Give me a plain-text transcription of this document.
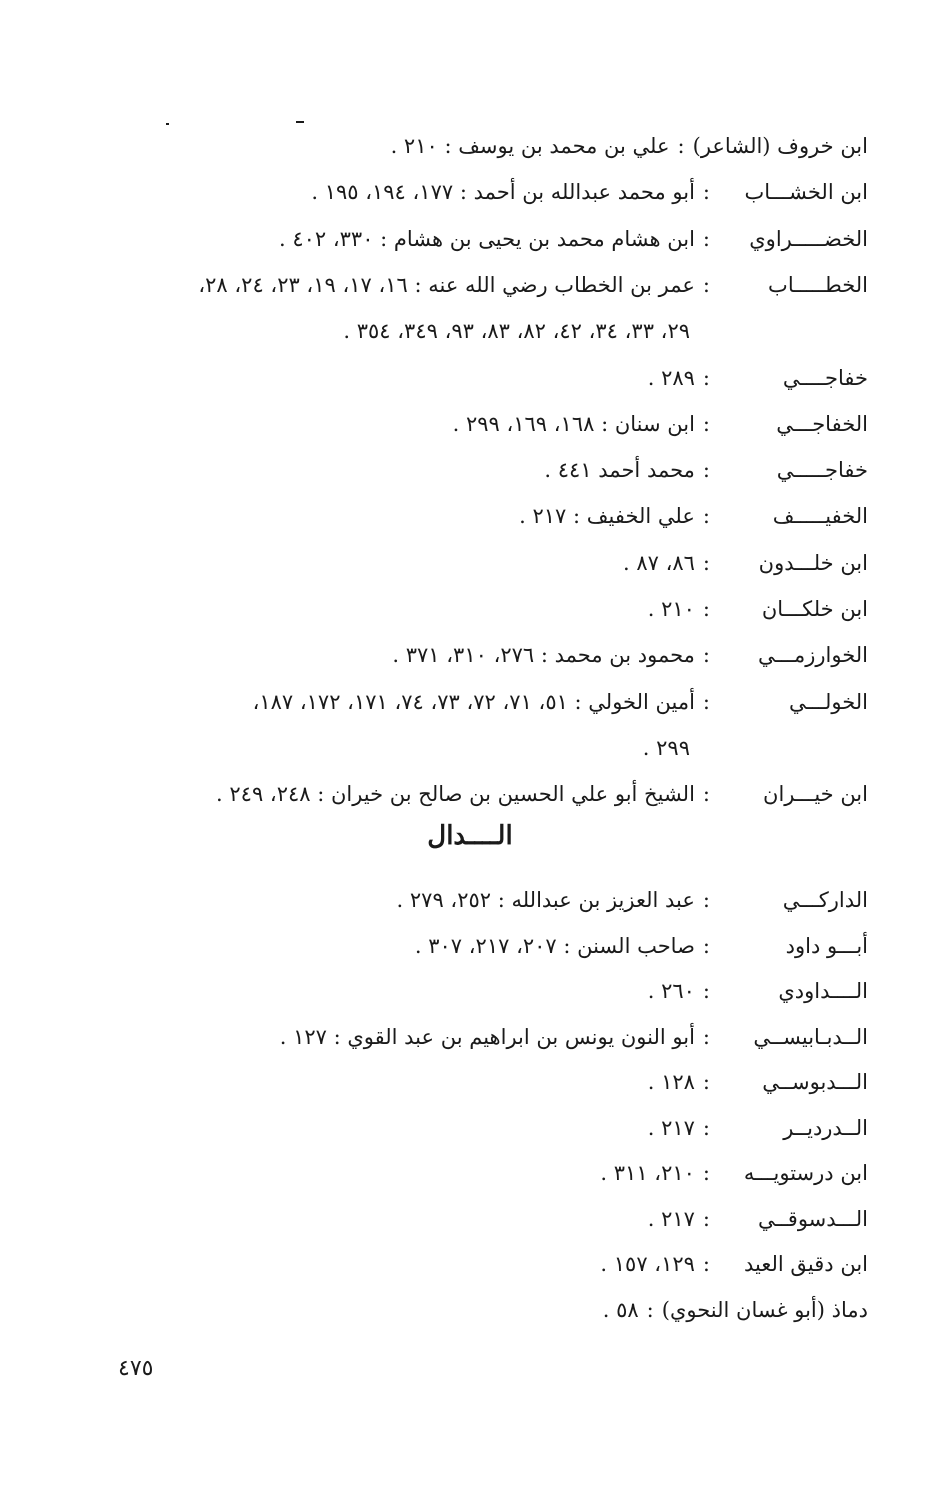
ابن خروف (الشاعر):علي بن محمد بن يوسف : ٢١٠ .
ابن الخشـــاب:أبو محمد عبدالله بن أحمد : ١٧٧، ١٩٤، ١٩٥ .
الخضـــــراوي:ابن هشام محمد بن يحيى بن هشام : ٣٣٠، ٤٠٢ .
الخطـــــاب:عمر بن الخطاب رضي الله عنه : ١٦، ١٧، ١٩، ٢٣، ٢٤، ٢٨،
٢٩، ٣٣، ٣٤، ٤٢، ٨٢، ٨٣، ٩٣، ٣٤٩، ٣٥٤ .
خفاجــــي:٢٨٩ .
الخفاجـــي:ابن سنان : ١٦٨، ١٦٩، ٢٩٩ .
خفاجـــــي:محمد أحمد ٤٤١ .
الخفيـــــف:علي الخفيف : ٢١٧ .
ابن خلـــدون:٨٦، ٨٧ .
ابن خلكـــان:٢١٠ .
الخوارزمـــي:محمود بن محمد : ٢٧٦، ٣١٠، ٣٧١ .
الخولـــي:أمين الخولي : ٥١، ٧١، ٧٢، ٧٣، ٧٤، ١٧١، ١٧٢، ١٨٧،
٢٩٩ .
ابن خيـــران:الشيخ أبو علي الحسين بن صالح بن خيران : ٢٤٨، ٢٤٩ .
الــــدال
الداركـــي:عبد العزيز بن عبدالله : ٢٥٢، ٢٧٩ .
أبـــو داود:صاحب السنن : ٢٠٧، ٢١٧، ٣٠٧ .
الــــداودي:٢٦٠ .
الــدبـابيســي:أبو النون يونس بن ابراهيم بن عبد القوي : ١٢٧ .
الـــدبوســي:١٢٨ .
الــدرديــر:٢١٧ .
ابن درستويـــه:٢١٠، ٣١١ .
الـــدسوقــي:٢١٧ .
ابن دقيق العيد:١٢٩، ١٥٧ .
دماذ (أبو غسان النحوي):٥٨ .
٤٧٥
